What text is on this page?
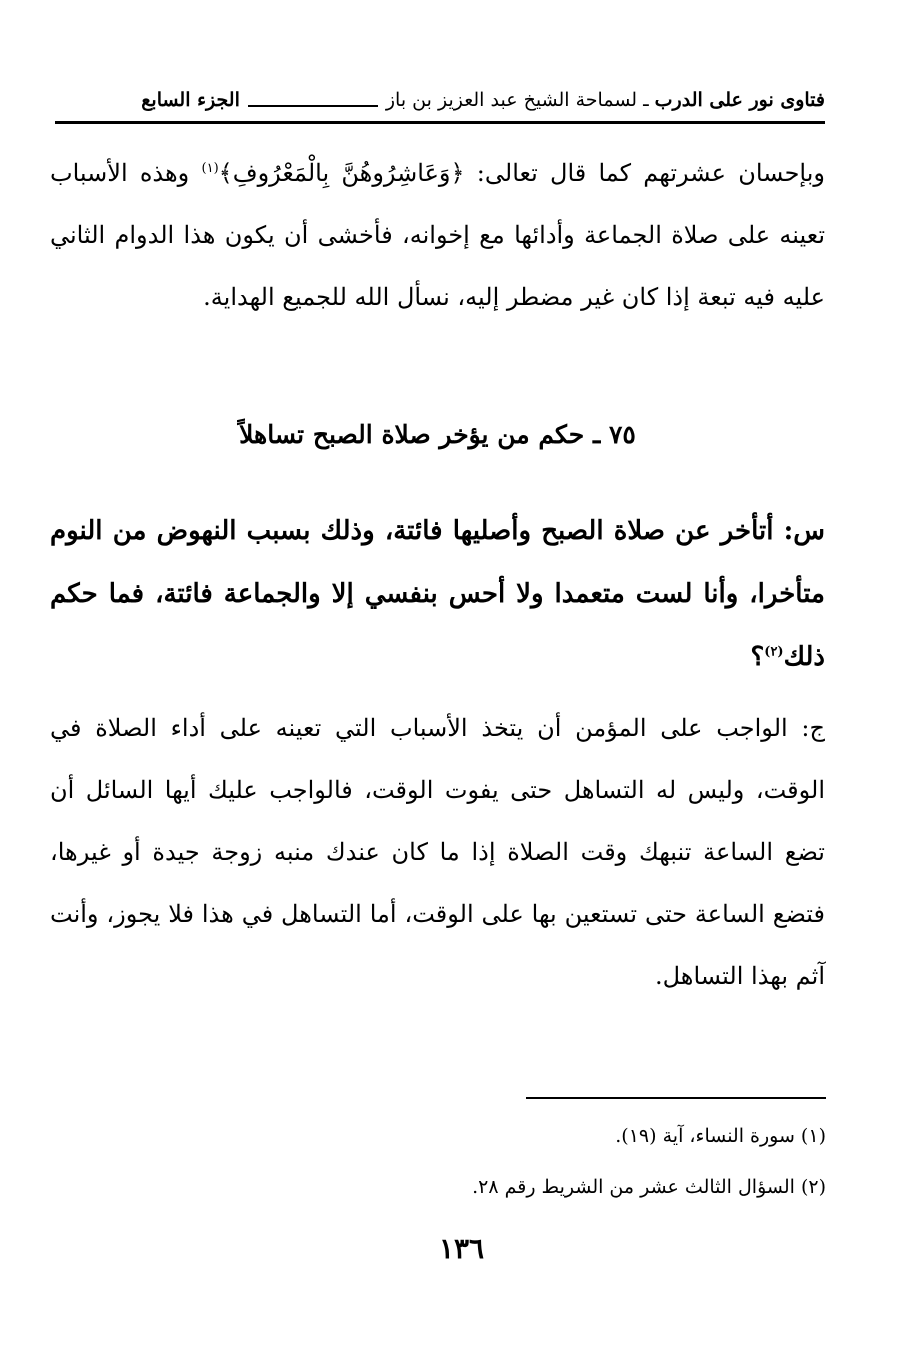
فتاوى نور على الدرب
ـ
لسماحة الشيخ عبد العزيز بن باز
الجزء السابع
وبإحسان عشرتهم كما قال تعالى: ﴿وَعَاشِرُوهُنَّ بِالْمَعْرُوفِ﴾$^{(١)}$ وهذه الأسباب تعينه على صلاة الجماعة وأدائها مع إخوانه، فأخشى أن يكون هذا الدوام الثاني عليه فيه تبعة إذا كان غير مضطر إليه، نسأل الله للجميع الهداية.
٧٥ ـ حكم من يؤخر صلاة الصبح تساهلاً
س: أتأخر عن صلاة الصبح وأصليها فائتة، وذلك بسبب النهوض من النوم متأخرا، وأنا لست متعمدا ولا أحس بنفسي إلا والجماعة فائتة، فما حكم ذلك$^{(٢)}$؟
ج: الواجب على المؤمن أن يتخذ الأسباب التي تعينه على أداء الصلاة في الوقت، وليس له التساهل حتى يفوت الوقت، فالواجب عليك أيها السائل أن تضع الساعة تنبهك وقت الصلاة إذا ما كان عندك منبه زوجة جيدة أو غيرها، فتضع الساعة حتى تستعين بها على الوقت، أما التساهل في هذا فلا يجوز، وأنت آثم بهذا التساهل.
(١) سورة النساء، آية (١٩).
(٢) السؤال الثالث عشر من الشريط رقم ٢٨.
١٣٦
